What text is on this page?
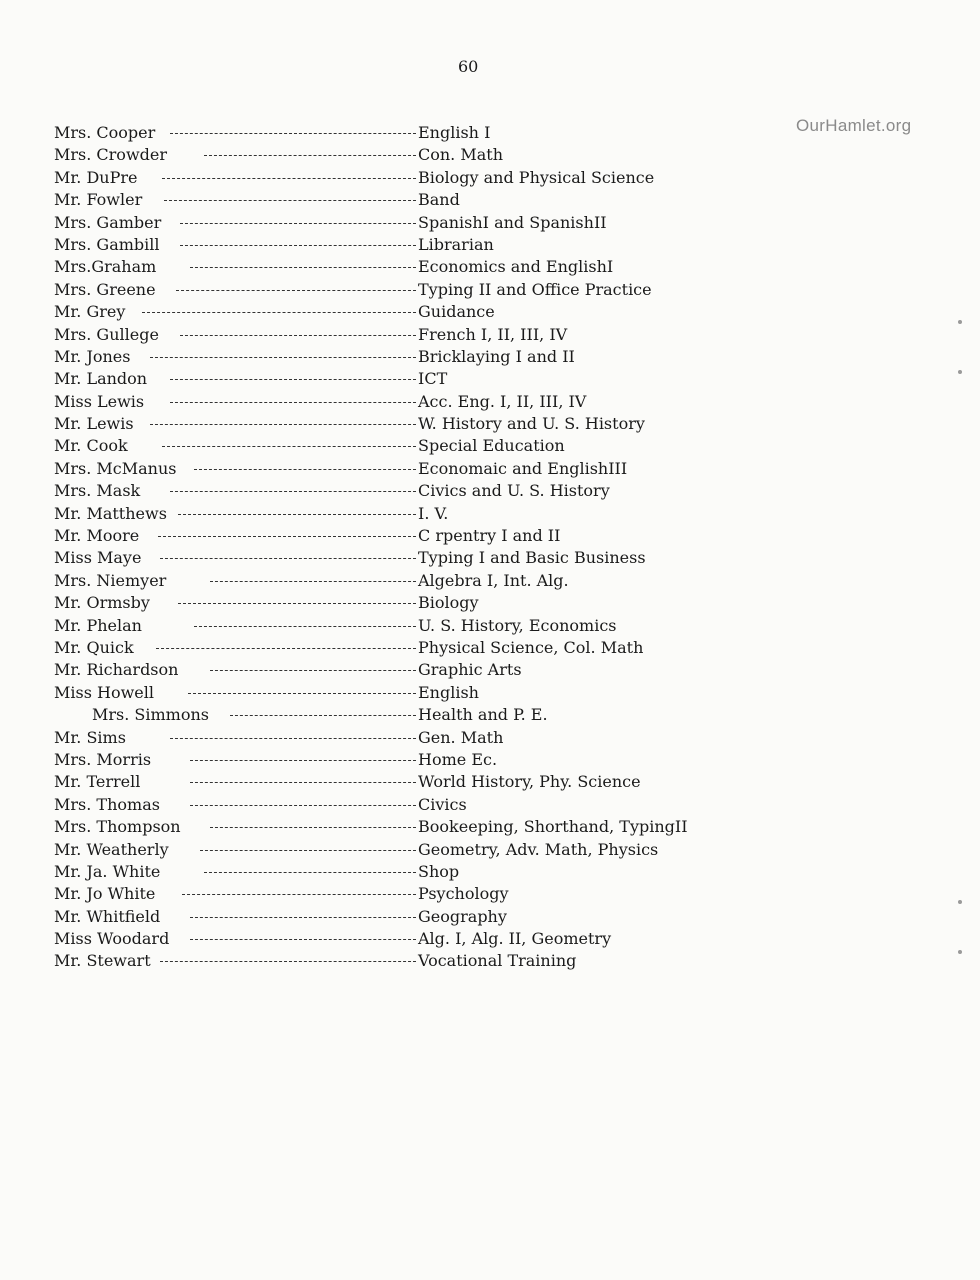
60
OurHamlet.org
Mrs. Cooper	English I
Mrs. Crowder	Con. Math
Mr. DuPre	Biology and Physical Science
Mr. Fowler	Band
Mrs. Gamber	SpanishI and SpanishII
Mrs. Gambill	Librarian
Mrs.Graham	Economics and EnglishI
Mrs. Greene	Typing II and Office Practice
Mr. Grey	Guidance
Mrs. Gullege	French I, II, III, IV
Mr. Jones	Bricklaying I and II
Mr. Landon	ICT
Miss Lewis	Acc. Eng. I, II, III, IV
Mr. Lewis	W. History and U. S. History
Mr. Cook	Special Education
Mrs. McManus	Economaic and EnglishIII
Mrs. Mask	Civics and U. S. History
Mr. Matthews	I. V.
Mr. Moore	C rpentry I and II
Miss Maye	Typing I and Basic Business
Mrs. Niemyer	Algebra I, Int. Alg.
Mr. Ormsby	Biology
Mr. Phelan	U. S. History, Economics
Mr. Quick	Physical Science, Col. Math
Mr. Richardson	Graphic Arts
Miss Howell	English
Mrs. Simmons	Health and P. E.
Mr. Sims	Gen. Math
Mrs. Morris	Home Ec.
Mr. Terrell	World History, Phy. Science
Mrs. Thomas	Civics
Mrs. Thompson	Bookeeping, Shorthand, TypingII
Mr. Weatherly	Geometry, Adv. Math, Physics
Mr. Ja. White	Shop
Mr. Jo White	Psychology
Mr. Whitfield	Geography
Miss Woodard	Alg. I, Alg. II, Geometry
Mr. Stewart	Vocational Training
